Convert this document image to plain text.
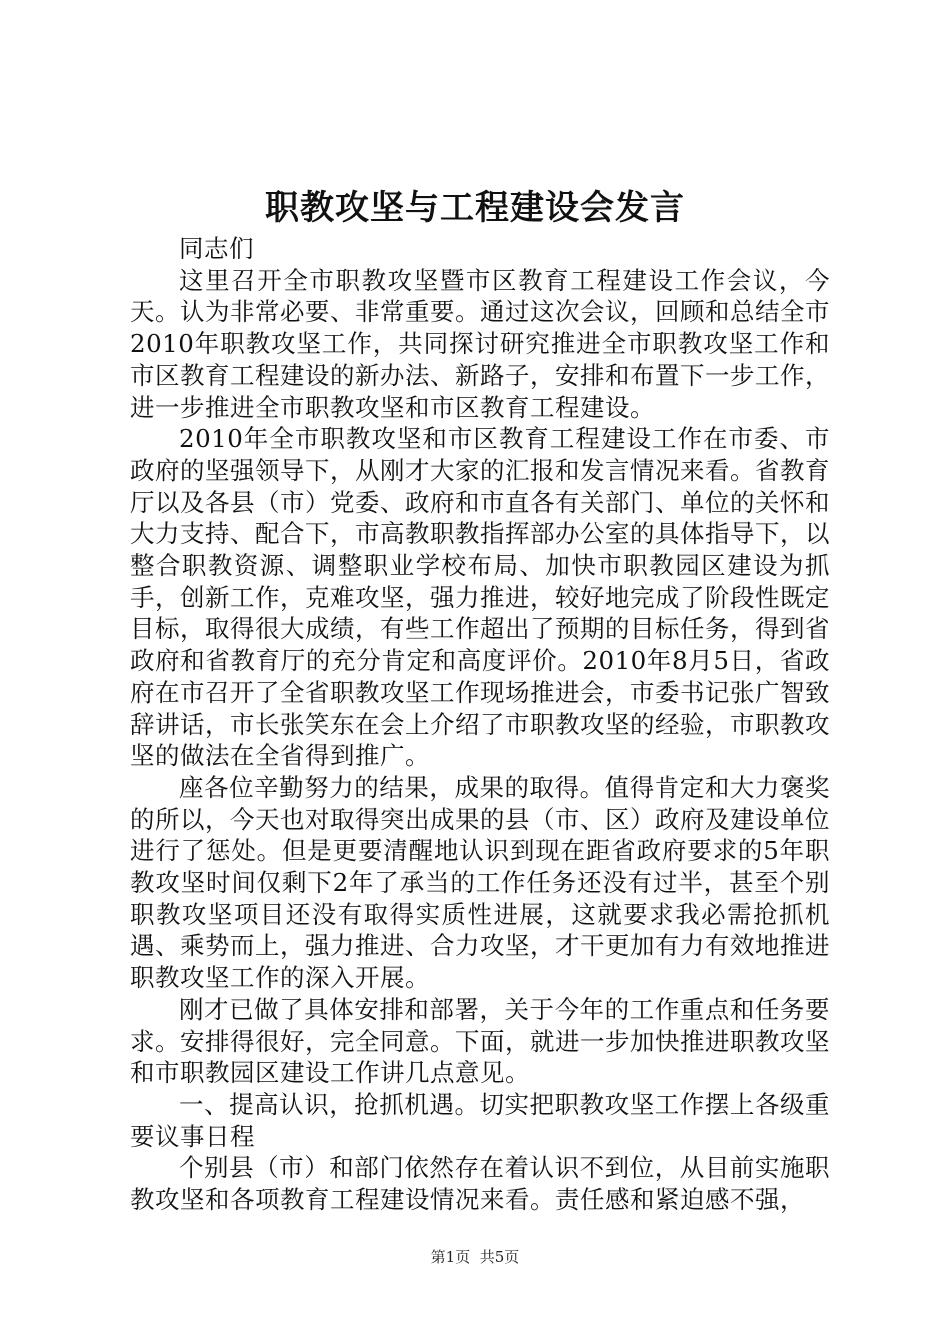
职教攻坚与工程建设会发言

同志们

这里召开全市职教攻坚暨市区教育工程建设工作会议，今天。认为非常必要、非常重要。通过这次会议，回顾和总结全市2010年职教攻坚工作，共同探讨研究推进全市职教攻坚工作和市区教育工程建设的新办法、新路子，安排和布置下一步工作，进一步推进全市职教攻坚和市区教育工程建设。

2010年全市职教攻坚和市区教育工程建设工作在市委、市政府的坚强领导下，从刚才大家的汇报和发言情况来看。省教育厅以及各县（市）党委、政府和市直各有关部门、单位的关怀和大力支持、配合下，市高教职教指挥部办公室的具体指导下，以整合职教资源、调整职业学校布局、加快市职教园区建设为抓手，创新工作，克难攻坚，强力推进，较好地完成了阶段性既定目标，取得很大成绩，有些工作超出了预期的目标任务，得到省政府和省教育厅的充分肯定和高度评价。2010年8月5日，省政府在市召开了全省职教攻坚工作现场推进会，市委书记张广智致辞讲话，市长张笑东在会上介绍了市职教攻坚的经验，市职教攻坚的做法在全省得到推广。

座各位辛勤努力的结果，成果的取得。值得肯定和大力褒奖的所以，今天也对取得突出成果的县（市、区）政府及建设单位进行了惩处。但是更要清醒地认识到现在距省政府要求的5年职教攻坚时间仅剩下2年了承当的工作任务还没有过半，甚至个别职教攻坚项目还没有取得实质性进展，这就要求我必需抢抓机遇、乘势而上，强力推进、合力攻坚，才干更加有力有效地推进职教攻坚工作的深入开展。

刚才已做了具体安排和部署，关于今年的工作重点和任务要求。安排得很好，完全同意。下面，就进一步加快推进职教攻坚和市职教园区建设工作讲几点意见。

一、提高认识，抢抓机遇。切实把职教攻坚工作摆上各级重要议事日程

个别县（市）和部门依然存在着认识不到位，从目前实施职教攻坚和各项教育工程建设情况来看。责任感和紧迫感不强，

第1页 共5页
